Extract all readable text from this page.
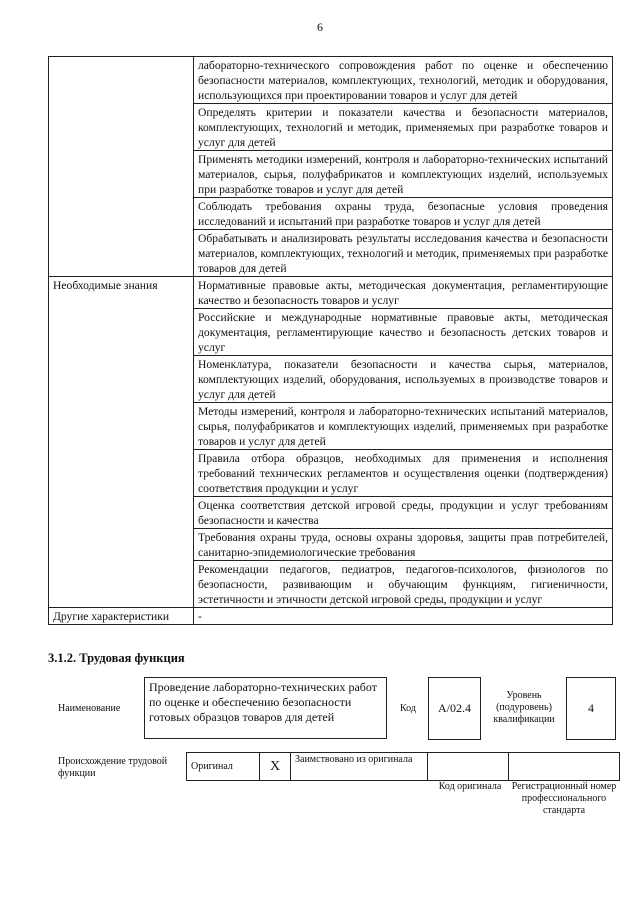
6
	лабораторно-технического сопровождения работ по оценке и обеспечению безопасности материалов, комплектующих, технологий, методик и оборудования, использующихся при проектировании товаров и услуг для детей
	Определять критерии и показатели качества и безопасности материалов, комплектующих, технологий и методик, применяемых при разработке товаров и услуг для детей
	Применять методики измерений, контроля и лабораторно-технических испытаний материалов, сырья, полуфабрикатов и комплектующих изделий, используемых при разработке товаров и услуг для детей
	Соблюдать требования охраны труда, безопасные условия проведения исследований и испытаний при разработке товаров и услуг для детей
	Обрабатывать и анализировать результаты исследования качества и безопасности материалов, комплектующих, технологий и методик, применяемых при разработке товаров для детей
Необходимые знания	Нормативные правовые акты, методическая документация, регламентирующие качество и безопасность товаров и услуг
	Российские и международные нормативные правовые акты, методическая документация, регламентирующие качество и безопасность детских товаров и услуг
	Номенклатура, показатели безопасности и качества сырья, материалов, комплектующих изделий, оборудования, используемых в производстве товаров и услуг для детей
	Методы измерений, контроля и лабораторно-технических испытаний материалов, сырья, полуфабрикатов и комплектующих изделий, применяемых при разработке товаров и услуг для детей
	Правила отбора образцов, необходимых для применения и исполнения требований технических регламентов и осуществления оценки (подтверждения) соответствия продукции и услуг
	Оценка соответствия детской игровой среды, продукции и услуг требованиям безопасности и качества
	Требования охраны труда, основы охраны здоровья, защиты прав потребителей, санитарно-эпидемиологические требования
	Рекомендации педагогов, педиатров, педагогов-психологов, физиологов по безопасности, развивающим и обучающим функциям, гигиеничности, эстетичности и этичности детской игровой среды, продукции и услуг
Другие характеристики	-
3.1.2. Трудовая функция
Наименование
Проведение лабораторно-технических работ по оценке и обеспечению безопасности готовых образцов товаров для детей
Код	А/02.4
Уровень (подуровень) квалификации
4
Происхождение трудовой функции
Оригинал	X	Заимствовано из оригинала		
Код оригинала	Регистрационный номер профессионального стандарта
